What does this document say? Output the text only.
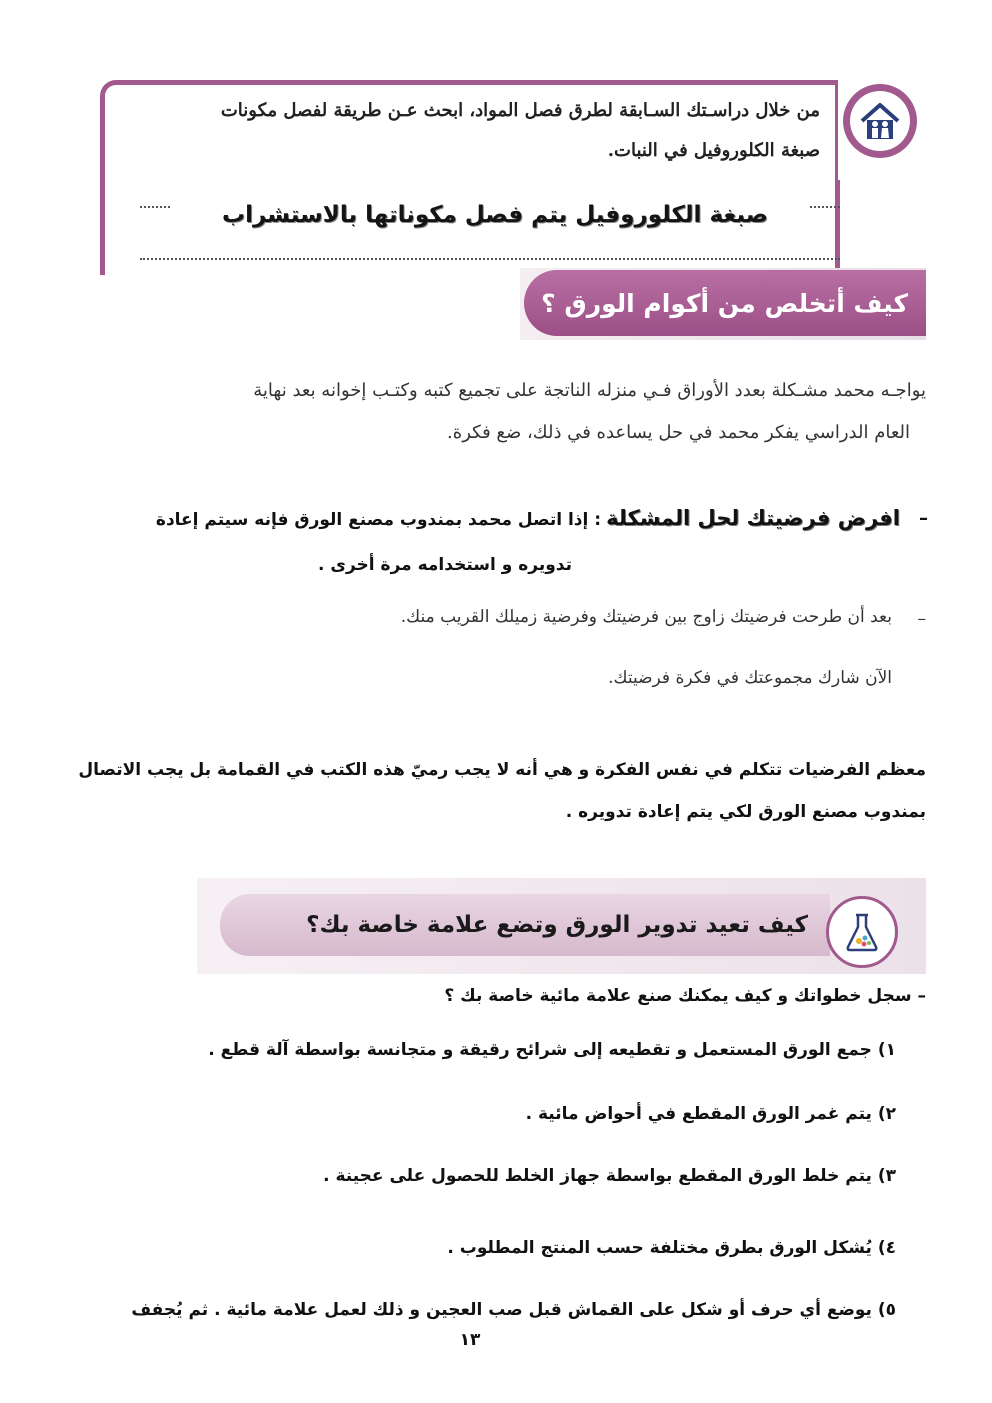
من خلال دراسـتك السـابقة لطرق فصل المواد، ابحث عـن طريقة لفصل مكونات
صبغة الكلوروفيل في النبات.
صبغة الكلوروفيل يتم فصل مكوناتها بالاستشراب
كيف أتخلص من أكوام الورق ؟
يواجـه محمد مشـكلة بعدد الأوراق فـي منزله الناتجة على تجميع كتبه وكتـب إخوانه بعد نهاية
العام الدراسي يفكر محمد في حل يساعده في ذلك، ضع فكرة.
–
افرض فرضيتك لحل المشكلة : إذا اتصل محمد بمندوب مصنع الورق فإنه سيتم إعادة
تدويره و استخدامه مرة أخرى .
–
بعد أن طرحت فرضيتك زاوج بين فرضيتك وفرضية زميلك القريب منك.
الآن شارك مجموعتك في فكرة فرضيتك.
معظم الفرضيات تتكلم في نفس الفكرة و هي أنه لا يجب رميّ هذه الكتب في القمامة بل يجب الاتصال
بمندوب مصنع الورق لكي يتم إعادة تدويره .
كيف تعيد تدوير الورق وتضع علامة خاصة بك؟
– سجل خطواتك و كيف يمكنك صنع علامة مائية خاصة بك ؟
١) جمع الورق المستعمل و تقطيعه إلى شرائح رقيقة و متجانسة بواسطة آلة قطع .
٢) يتم غمر الورق المقطع في أحواض مائية .
٣) يتم خلط الورق المقطع بواسطة جهاز الخلط للحصول على عجينة .
٤) يُشكل الورق بطرق مختلفة حسب المنتج المطلوب .
٥) يوضع أي حرف أو شكل على القماش قبل صب العجين و ذلك لعمل علامة مائية . ثم يُجفف
١٣
